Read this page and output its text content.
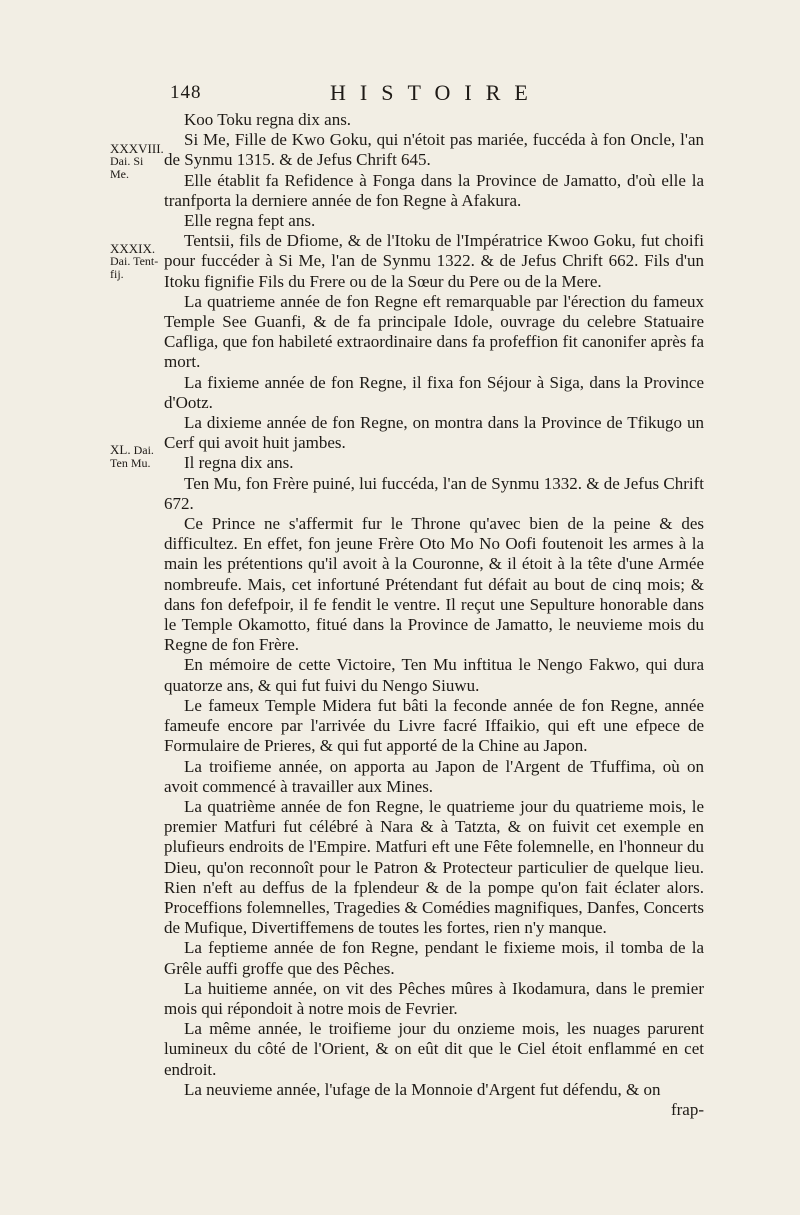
148	HISTOIRE
XXXVIII.
Dai. Si
Me.
XXXIX.
Dai. Tent-
fij.
XL. Dai.
Ten Mu.

Koo Toku regna dix ans.

Si Me, Fille de Kwo Goku, qui n'étoit pas mariée, fuccéda à fon Oncle, l'an de Synmu 1315. & de Jefus Chrift 645.

Elle établit fa Refidence à Fonga dans la Province de Jamatto, d'où elle la tranfporta la derniere année de fon Regne à Afakura.

Elle regna fept ans.

Tentsii, fils de Dfiome, & de l'Itoku de l'Impératrice Kwoo Goku, fut choifi pour fuccéder à Si Me, l'an de Synmu 1322. & de Jefus Chrift 662. Fils d'un Itoku fignifie Fils du Frere ou de la Sœur du Pere ou de la Mere.

La quatrieme année de fon Regne eft remarquable par l'érection du fameux Temple See Guanfi, & de fa principale Idole, ouvrage du celebre Statuaire Cafliga, que fon habileté extraordinaire dans fa profeffion fit canonifer après fa mort.

La fixieme année de fon Regne, il fixa fon Séjour à Siga, dans la Province d'Ootz.

La dixieme année de fon Regne, on montra dans la Province de Tfikugo un Cerf qui avoit huit jambes.

Il regna dix ans.

Ten Mu, fon Frère puiné, lui fuccéda, l'an de Synmu 1332. & de Jefus Chrift 672.

Ce Prince ne s'affermit fur le Throne qu'avec bien de la peine & des difficultez. En effet, fon jeune Frère Oto Mo No Oofi foutenoit les armes à la main les prétentions qu'il avoit à la Couronne, & il étoit à la tête d'une Armée nombreufe. Mais, cet infortuné Prétendant fut défait au bout de cinq mois; & dans fon defefpoir, il fe fendit le ventre. Il reçut une Sepulture honorable dans le Temple Okamotto, fitué dans la Province de Jamatto, le neuvieme mois du Regne de fon Frère.

En mémoire de cette Victoire, Ten Mu inftitua le Nengo Fakwo, qui dura quatorze ans, & qui fut fuivi du Nengo Siuwu.

Le fameux Temple Midera fut bâti la feconde année de fon Regne, année fameufe encore par l'arrivée du Livre facré Iffaikio, qui eft une efpece de Formulaire de Prieres, & qui fut apporté de la Chine au Japon.

La troifieme année, on apporta au Japon de l'Argent de Tfuffima, où on avoit commencé à travailler aux Mines.

La quatrième année de fon Regne, le quatrieme jour du quatrieme mois, le premier Matfuri fut célébré à Nara & à Tatzta, & on fuivit cet exemple en plufieurs endroits de l'Empire. Matfuri eft une Fête folemnelle, en l'honneur du Dieu, qu'on reconnoît pour le Patron & Protecteur particulier de quelque lieu. Rien n'eft au deffus de la fplendeur & de la pompe qu'on fait éclater alors. Proceffions folemnelles, Tragedies & Comédies magnifiques, Danfes, Concerts de Mufique, Divertiffemens de toutes les fortes, rien n'y manque.

La feptieme année de fon Regne, pendant le fixieme mois, il tomba de la Grêle auffi groffe que des Pêches.

La huitieme année, on vit des Pêches mûres à Ikodamura, dans le premier mois qui répondoit à notre mois de Fevrier.

La même année, le troifieme jour du onzieme mois, les nuages parurent lumineux du côté de l'Orient, & on eût dit que le Ciel étoit enflammé en cet endroit.

La neuvieme année, l'ufage de la Monnoie d'Argent fut défendu, & on

frap-
